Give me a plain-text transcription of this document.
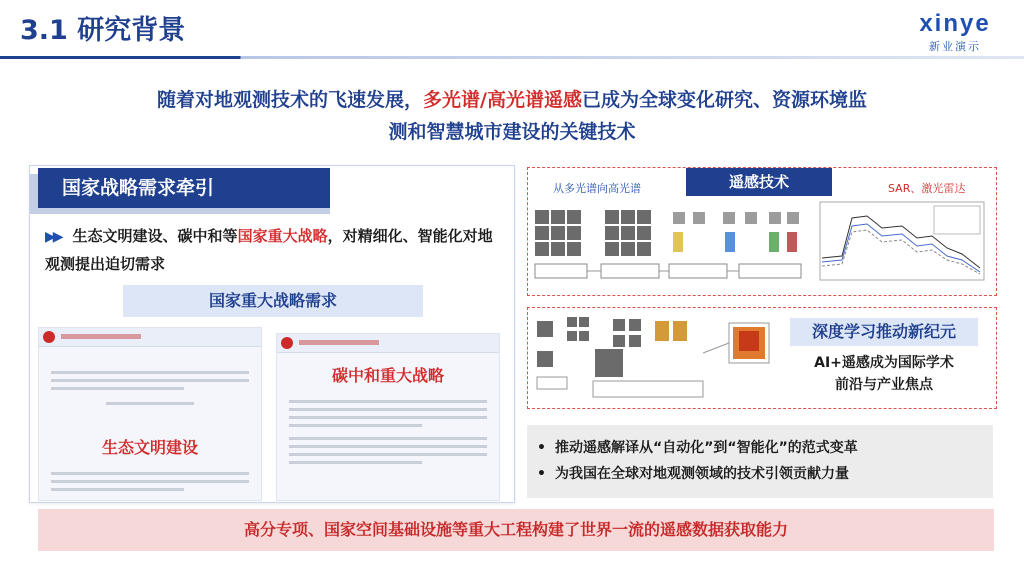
3.1 研究背景	xinye
新业演示
随着对地观测技术的飞速发展，多光谱/高光谱遥感已成为全球变化研究、资源环境监
测和智慧城市建设的关键技术
国家战略需求牵引
▶▶ 生态文明建设、碳中和等国家重大战略，对精细化、智能化对地观测提出迫切需求
国家重大战略需求
生态文明建设
碳中和重大战略
遥感技术
从多光谱向高光谱	SAR、激光雷达
深度学习推动新纪元
AI+遥感成为国际学术
前沿与产业焦点
• 推动遥感解译从“自动化”到“智能化”的范式变革
• 为我国在全球对地观测领域的技术引领贡献力量
高分专项、国家空间基础设施等重大工程构建了世界一流的遥感数据获取能力
